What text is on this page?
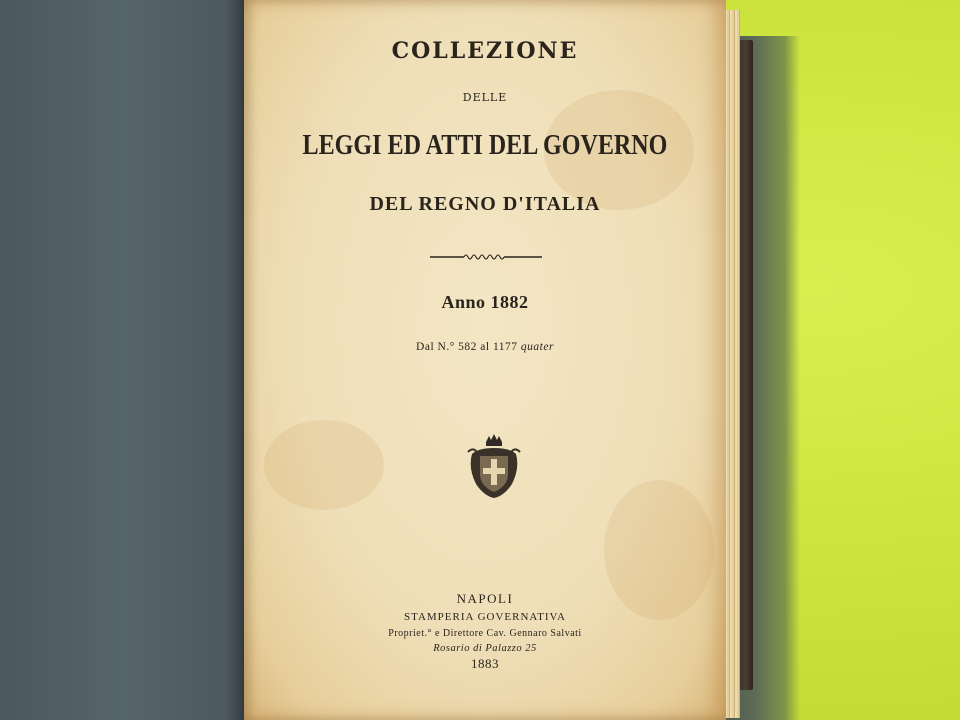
COLLEZIONE
DELLE
LEGGI ED ATTI DEL GOVERNO
DEL REGNO D'ITALIA
Anno 1882
Dal N.° 582 al 1177 quater
NAPOLI
STAMPERIA GOVERNATIVA
Propriet.° e Direttore Cav. Gennaro Salvati
Rosario di Palazzo 25
1883
